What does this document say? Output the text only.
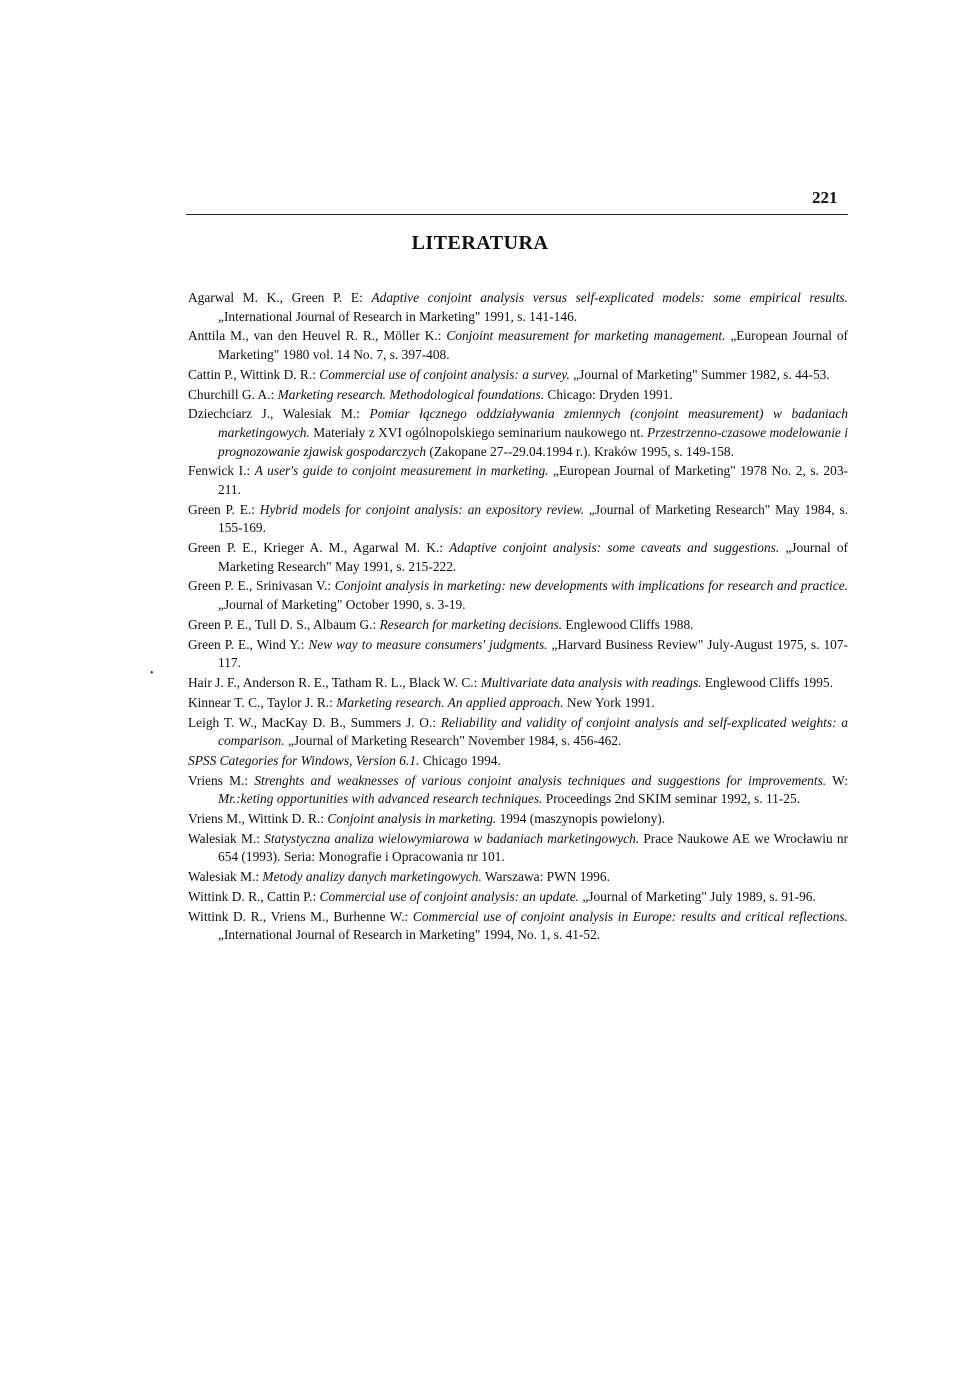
221
LITERATURA

Agarwal M. K., Green P. E: Adaptive conjoint analysis versus self-explicated models: some empirical results. „International Journal of Research in Marketing" 1991, s. 141-146.

Anttila M., van den Heuvel R. R., Möller K.: Conjoint measurement for marketing management. „European Journal of Marketing" 1980 vol. 14 No. 7, s. 397-408.

Cattin P., Wittink D. R.: Commercial use of conjoint analysis: a survey. „Journal of Marketing" Summer 1982, s. 44-53.

Churchill G. A.: Marketing research. Methodological foundations. Chicago: Dryden 1991.

Dziechciarz J., Walesiak M.: Pomiar łącznego oddziaływania zmiennych (conjoint measurement) w badaniach marketingowych. Materiały z XVI ogólnopolskiego seminarium naukowego nt. Przestrzenno-czasowe modelowanie i prognozowanie zjawisk gospodarczych (Zakopane 27--29.04.1994 r.). Kraków 1995, s. 149-158.

Fenwick I.: A user's guide to conjoint measurement in marketing. „European Journal of Marketing" 1978 No. 2, s. 203-211.

Green P. E.: Hybrid models for conjoint analysis: an expository review. „Journal of Marketing Research" May 1984, s. 155-169.

Green P. E., Krieger A. M., Agarwal M. K.: Adaptive conjoint analysis: some caveats and suggestions. „Journal of Marketing Research" May 1991, s. 215-222.

Green P. E., Srinivasan V.: Conjoint analysis in marketing: new developments with implications for research and practice. „Journal of Marketing" October 1990, s. 3-19.

Green P. E., Tull D. S., Albaum G.: Research for marketing decisions. Englewood Cliffs 1988.

Green P. E., Wind Y.: New way to measure consumers' judgments. „Harvard Business Review" July-August 1975, s. 107-117.

Hair J. F., Anderson R. E., Tatham R. L., Black W. C.: Multivariate data analysis with readings. Englewood Cliffs 1995.

Kinnear T. C., Taylor J. R.: Marketing research. An applied approach. New York 1991.

Leigh T. W., MacKay D. B., Summers J. O.: Reliability and validity of conjoint analysis and self-explicated weights: a comparison. „Journal of Marketing Research" November 1984, s. 456-462.

SPSS Categories for Windows, Version 6.1. Chicago 1994.

Vriens M.: Strenghts and weaknesses of various conjoint analysis techniques and suggestions for improvements. W: Mr.:keting opportunities with advanced research techniques. Proceedings 2nd SKIM seminar 1992, s. 11-25.

Vriens M., Wittink D. R.: Conjoint analysis in marketing. 1994 (maszynopis powielony).

Walesiak M.: Statystyczna analiza wielowymiarowa w badaniach marketingowych. Prace Naukowe AE we Wrocławiu nr 654 (1993). Seria: Monografie i Opracowania nr 101.

Walesiak M.: Metody analizy danych marketingowych. Warszawa: PWN 1996.

Wittink D. R., Cattin P.: Commercial use of conjoint analysis: an update. „Journal of Marketing" July 1989, s. 91-96.

Wittink D. R., Vriens M., Burhenne W.: Commercial use of conjoint analysis in Europe: results and critical reflections. „International Journal of Research in Marketing" 1994, No. 1, s. 41-52.

•
